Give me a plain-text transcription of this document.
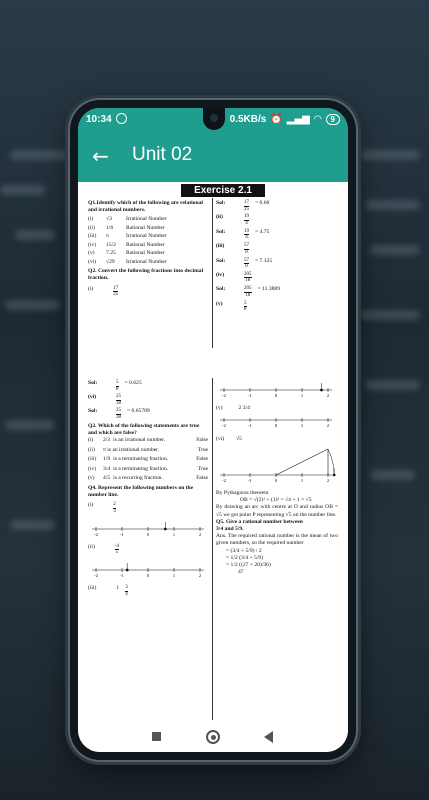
10:34	0.5KB/s ⏰ ▂▄▆ ◠	9
← Unit 02
Exercise 2.1
Q1.Identify which of the following are relational and irrational numbers.
(i)	√3	Irrational Number
(ii)	1/6	Rational Number
(iii)	π	Irrational Number
(iv)	15/2	Rational Number
(v)	7.25	Rational Number
(vi)	√29	Irrational Number
Q2. Convert the following fractions into decimal fraction.
(i)	$\frac{17}{25}$
Sol:	$\frac{17}{25} = 0.68$
(ii)	$\frac{19}{4}$
Sol:	$\frac{19}{4} = 4.75$
(iii)	$\frac{57}{8}$
Sol:	$\frac{57}{8} = 7.125$
(iv)	$\frac{205}{18}$
Sol:	$\frac{205}{18} = 11.3889$
(v)	$\frac{5}{8}$
Sol:	$\frac{5}{8} = 0.625$
(vi)	$\frac{25}{38}$
Sol:	$\frac{25}{38} = 0.65789$
Q2. Which of the following statements are true and which are false?
(i)	2/3 is an irrational number.	False
(ii)	π is an irrational number.	True
(iii)	1/9 is a terminating fraction.	False
(iv)	3/4 is a terminating fraction.	True
(v)	4/5 is a recurring fraction.	False
Q4. Represent the following numbers on the number line.
(i)	$\frac{2}{3}$
-2	-1	0	1	2
(ii)	$\frac{-4}{5}$
-2	-1	0	1	2
(iii)	$1 \frac{3}{4}$
-2	-1	0	1	2
(v)	2 3/4
-2	-1	0	1	2
(vi) √5
-2	-1	0	1	2
By Pythagoras theorem
OB = √(2)² + (1)² = √4 + 1 = √5
By drawing an arc with centre at O and radius OB = √5 we get point P representing √5 on the number line.
Q5. Give a rational number between
3/4 and 5/9.
Ans. The required rational number is the mean of two given numbers, so the required number
= (3/4 + 5/9) / 2
= 1/2 (3/4 + 5/9)
= 1/2 ((27 + 20)/36)
47
